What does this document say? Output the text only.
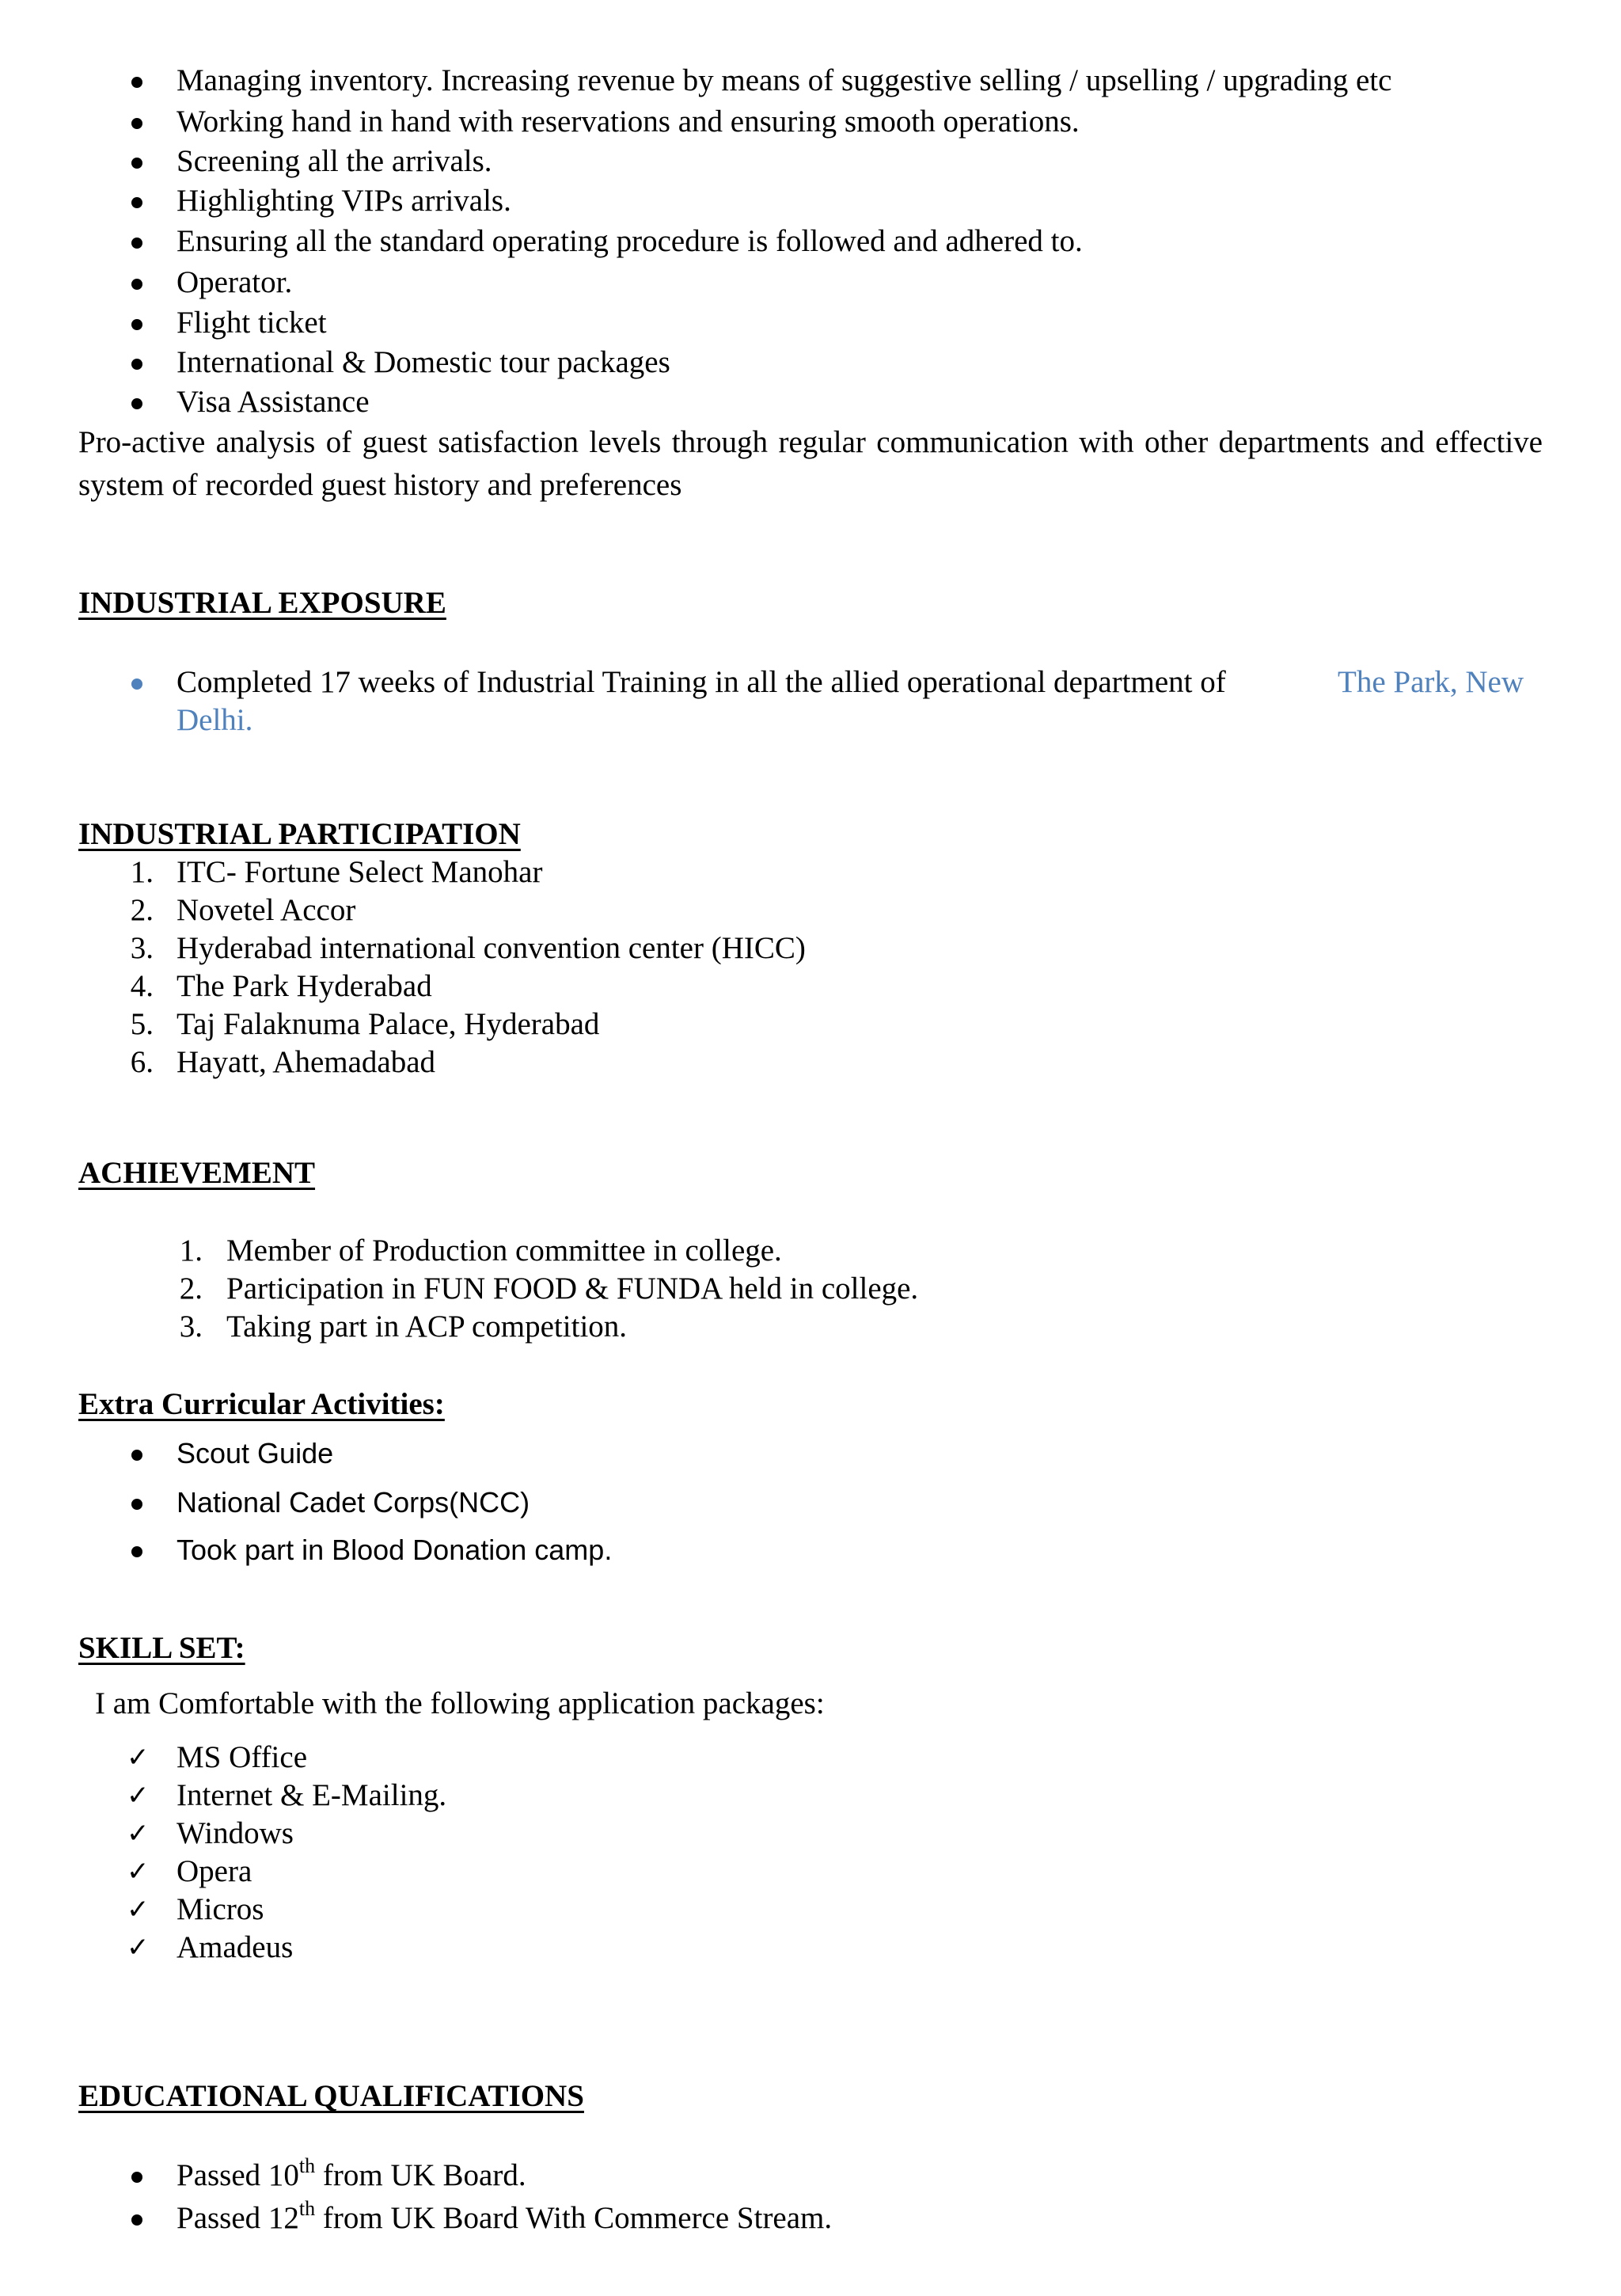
Managing inventory. Increasing revenue by means of suggestive selling / upselling / upgrading etc
Working hand in hand with reservations and ensuring smooth operations.
Screening all the arrivals.
Highlighting VIPs arrivals.
Ensuring all the standard operating procedure is followed and adhered to.
Operator.
Flight ticket
International & Domestic tour packages
Visa Assistance
Pro-active analysis of guest satisfaction levels through regular communication with other departments and effective system of recorded guest history and preferences
INDUSTRIAL EXPOSURE
Completed 17 weeks of Industrial Training in all the allied operational department of	The Park, New
Delhi.
INDUSTRIAL PARTICIPATION
1. ITC- Fortune Select Manohar
2. Novetel Accor
3. Hyderabad international convention center (HICC)
4. The Park Hyderabad
5. Taj Falaknuma Palace, Hyderabad
6. Hayatt, Ahemadabad
ACHIEVEMENT
1. Member of Production committee in college.
2. Participation in FUN FOOD & FUNDA held in college.
3. Taking part in ACP competition.
Extra Curricular Activities:
Scout Guide
National Cadet Corps(NCC)
Took part in Blood Donation camp.
SKILL SET:
I am Comfortable with the following application packages:
✓ MS Office
✓ Internet & E-Mailing.
✓ Windows
✓ Opera
✓ Micros
✓ Amadeus
EDUCATIONAL QUALIFICATIONS
Passed 10th from UK Board.
Passed 12th from UK Board With Commerce Stream.
